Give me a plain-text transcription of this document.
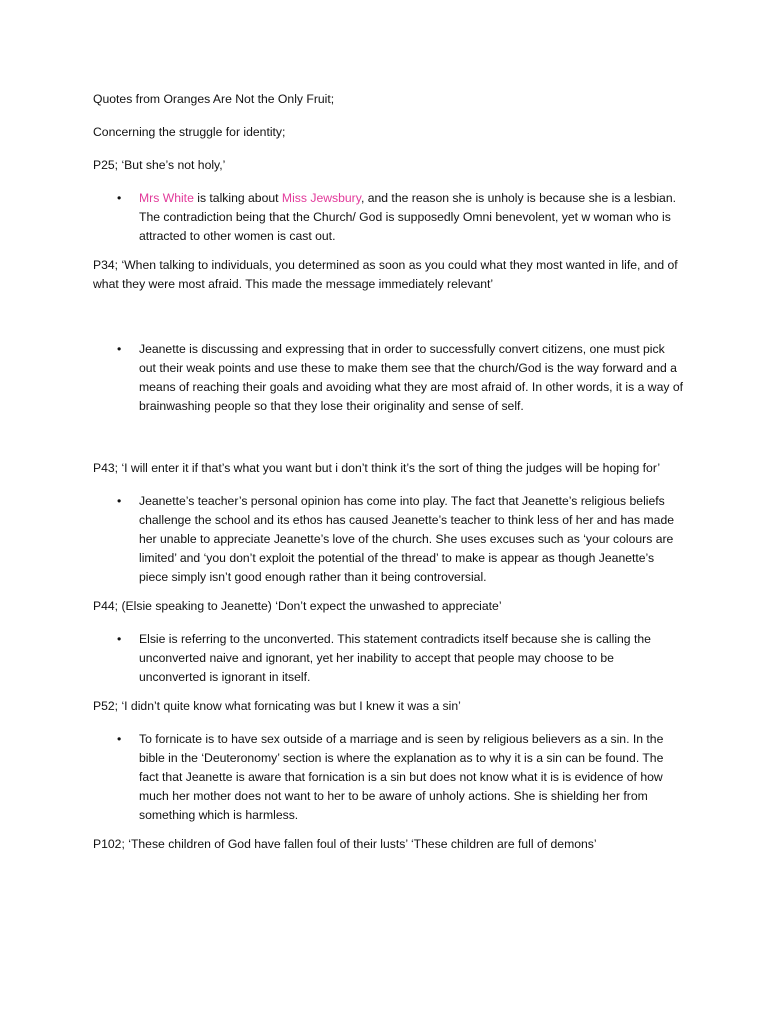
Quotes from Oranges Are Not the Only Fruit;
Concerning the struggle for identity;
P25; ‘But she’s not holy,’
• Mrs White is talking about Miss Jewsbury, and the reason she is unholy is because she is a lesbian. The contradiction being that the Church/ God is supposedly Omni benevolent, yet w woman who is attracted to other women is cast out.
P34; ‘When talking to individuals, you determined as soon as you could what they most wanted in life, and of what they were most afraid. This made the message immediately relevant’
• Jeanette is discussing and expressing that in order to successfully convert citizens, one must pick out their weak points and use these to make them see that the church/God is the way forward and a means of reaching their goals and avoiding what they are most afraid of. In other words, it is a way of brainwashing people so that they lose their originality and sense of self.
P43; ‘I will enter it if that’s what you want but i don’t think it’s the sort of thing the judges will be hoping for’
• Jeanette’s teacher’s personal opinion has come into play. The fact that Jeanette’s religious beliefs challenge the school and its ethos has caused Jeanette’s teacher to think less of her and has made her unable to appreciate Jeanette’s love of the church. She uses excuses such as ‘your colours are limited’ and ‘you don’t exploit the potential of the thread’ to make is appear as though Jeanette’s piece simply isn’t good enough rather than it being controversial.
P44; (Elsie speaking to Jeanette) ‘Don’t expect the unwashed to appreciate’
• Elsie is referring to the unconverted. This statement contradicts itself because she is calling the unconverted naive and ignorant, yet her inability to accept that people may choose to be unconverted is ignorant in itself.
P52; ‘I didn’t quite know what fornicating was but I knew it was a sin’
• To fornicate is to have sex outside of a marriage and is seen by religious believers as a sin. In the bible in the ‘Deuteronomy’ section is where the explanation as to why it is a sin can be found. The fact that Jeanette is aware that fornication is a sin but does not know what it is is evidence of how much her mother does not want to her to be aware of unholy actions. She is shielding her from something which is harmless.
P102; ‘These children of God have fallen foul of their lusts’ ‘These children are full of demons’
